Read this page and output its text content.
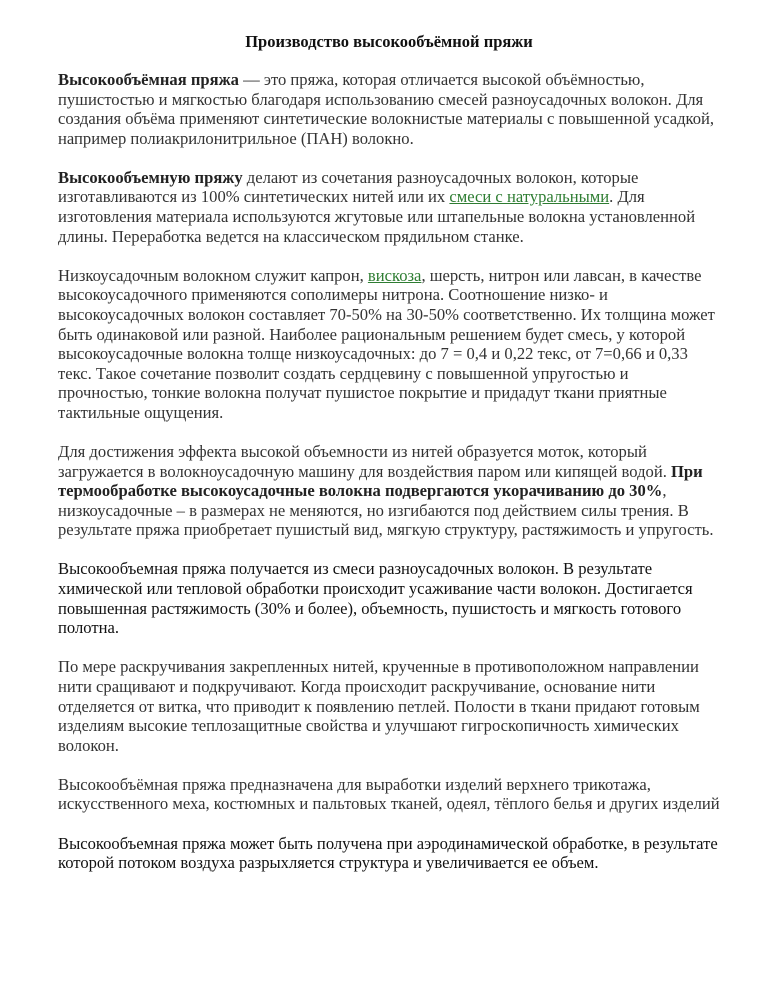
Производство высокообъёмной пряжи

Высокообъёмная пряжа — это пряжа, которая отличается высокой объёмностью, пушистостью и мягкостью благодаря использованию смесей разноусадочных волокон. Для создания объёма применяют синтетические волокнистые материалы с повышенной усадкой, например полиакрилонитрильное (ПАН) волокно.

Высокообъемную пряжу делают из сочетания разноусадочных волокон, которые изготавливаются из 100% синтетических нитей или их смеси с натуральными. Для изготовления материала используются жгутовые или штапельные волокна установленной длины. Переработка ведется на классическом прядильном станке.

Низкоусадочным волокном служит капрон, вискоза, шерсть, нитрон или лавсан, в качестве высокоусадочного применяются сополимеры нитрона. Соотношение низко- и высокоусадочных волокон составляет 70-50% на 30-50% соответственно. Их толщина может быть одинаковой или разной. Наиболее рациональным решением будет смесь, у которой высокоусадочные волокна толще низкоусадочных: до 7 = 0,4 и 0,22 текс, от 7=0,66 и 0,33 текс. Такое сочетание позволит создать сердцевину с повышенной упругостью и прочностью, тонкие волокна получат пушистое покрытие и придадут ткани приятные тактильные ощущения.

Для достижения эффекта высокой объемности из нитей образуется моток, который загружается в волокноусадочную машину для воздействия паром или кипящей водой. При термообработке высокоусадочные волокна подвергаются укорачиванию до 30%, низкоусадочные – в размерах не меняются, но изгибаются под действием силы трения. В результате пряжа приобретает пушистый вид, мягкую структуру, растяжимость и упругость.

Высокообъемная пряжа получается из смеси разноусадочных волокон. В результате химической или тепловой обработки происходит усаживание части волокон. Достигается повышенная растяжимость (30% и более), объемность, пушистость и мягкость готового полотна.

По мере раскручивания закрепленных нитей, крученные в противоположном направлении нити сращивают и подкручивают. Когда происходит раскручивание, основание нити отделяется от витка, что приводит к появлению петлей. Полости в ткани придают готовым изделиям высокие теплозащитные свойства и улучшают гигроскопичность химических волокон.

Высокообъёмная пряжа предназначена для выработки изделий верхнего трикотажа, искусственного меха, костюмных и пальтовых тканей, одеял, тёплого белья и других изделий

Высокообъемная пряжа может быть получена при аэродинамической обработке, в результате которой потоком воздуха разрыхляется структура и увеличивается ее объем.
